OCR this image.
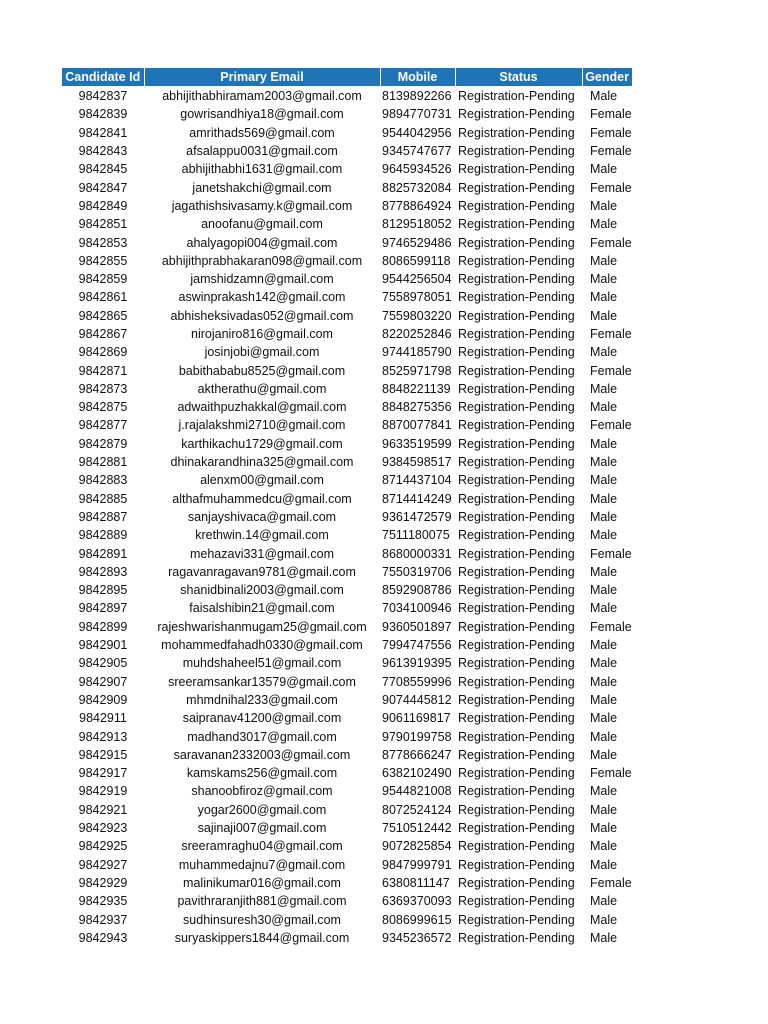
Candidate Id	Primary Email	Mobile	Status	Gender
9842837	abhijithabhiramam2003@gmail.com	8139892266	Registration-Pending	Male
9842839	gowrisandhiya18@gmail.com	9894770731	Registration-Pending	Female
9842841	amrithads569@gmail.com	9544042956	Registration-Pending	Female
9842843	afsalappu0031@gmail.com	9345747677	Registration-Pending	Female
9842845	abhijithabhi1631@gmail.com	9645934526	Registration-Pending	Male
9842847	janetshakchi@gmail.com	8825732084	Registration-Pending	Female
9842849	jagathishsivasamy.k@gmail.com	8778864924	Registration-Pending	Male
9842851	anoofanu@gmail.com	8129518052	Registration-Pending	Male
9842853	ahalyagopi004@gmail.com	9746529486	Registration-Pending	Female
9842855	abhijithprabhakaran098@gmail.com	8086599118	Registration-Pending	Male
9842859	jamshidzamn@gmail.com	9544256504	Registration-Pending	Male
9842861	aswinprakash142@gmail.com	7558978051	Registration-Pending	Male
9842865	abhisheksivadas052@gmail.com	7559803220	Registration-Pending	Male
9842867	nirojaniro816@gmail.com	8220252846	Registration-Pending	Female
9842869	josinjobi@gmail.com	9744185790	Registration-Pending	Male
9842871	babithababu8525@gmail.com	8525971798	Registration-Pending	Female
9842873	aktherathu@gmail.com	8848221139	Registration-Pending	Male
9842875	adwaithpuzhakkal@gmail.com	8848275356	Registration-Pending	Male
9842877	j.rajalakshmi2710@gmail.com	8870077841	Registration-Pending	Female
9842879	karthikachu1729@gmail.com	9633519599	Registration-Pending	Male
9842881	dhinakarandhina325@gmail.com	9384598517	Registration-Pending	Male
9842883	alenxm00@gmail.com	8714437104	Registration-Pending	Male
9842885	althafmuhammedcu@gmail.com	8714414249	Registration-Pending	Male
9842887	sanjayshivaca@gmail.com	9361472579	Registration-Pending	Male
9842889	krethwin.14@gmail.com	7511180075	Registration-Pending	Male
9842891	mehazavi331@gmail.com	8680000331	Registration-Pending	Female
9842893	ragavanragavan9781@gmail.com	7550319706	Registration-Pending	Male
9842895	shanidbinali2003@gmail.com	8592908786	Registration-Pending	Male
9842897	faisalshibin21@gmail.com	7034100946	Registration-Pending	Male
9842899	rajeshwarishanmugam25@gmail.com	9360501897	Registration-Pending	Female
9842901	mohammedfahadh0330@gmail.com	7994747556	Registration-Pending	Male
9842905	muhdshaheel51@gmail.com	9613919395	Registration-Pending	Male
9842907	sreeramsankar13579@gmail.com	7708559996	Registration-Pending	Male
9842909	mhmdnihal233@gmail.com	9074445812	Registration-Pending	Male
9842911	saipranav41200@gmail.com	9061169817	Registration-Pending	Male
9842913	madhand3017@gmail.com	9790199758	Registration-Pending	Male
9842915	saravanan2332003@gmail.com	8778666247	Registration-Pending	Male
9842917	kamskams256@gmail.com	6382102490	Registration-Pending	Female
9842919	shanoobfiroz@gmail.com	9544821008	Registration-Pending	Male
9842921	yogar2600@gmail.com	8072524124	Registration-Pending	Male
9842923	sajinaji007@gmail.com	7510512442	Registration-Pending	Male
9842925	sreeramraghu04@gmail.com	9072825854	Registration-Pending	Male
9842927	muhammedajnu7@gmail.com	9847999791	Registration-Pending	Male
9842929	malinikumar016@gmail.com	6380811147	Registration-Pending	Female
9842935	pavithraranjith881@gmail.com	6369370093	Registration-Pending	Male
9842937	sudhinsuresh30@gmail.com	8086999615	Registration-Pending	Male
9842943	suryaskippers1844@gmail.com	9345236572	Registration-Pending	Male
